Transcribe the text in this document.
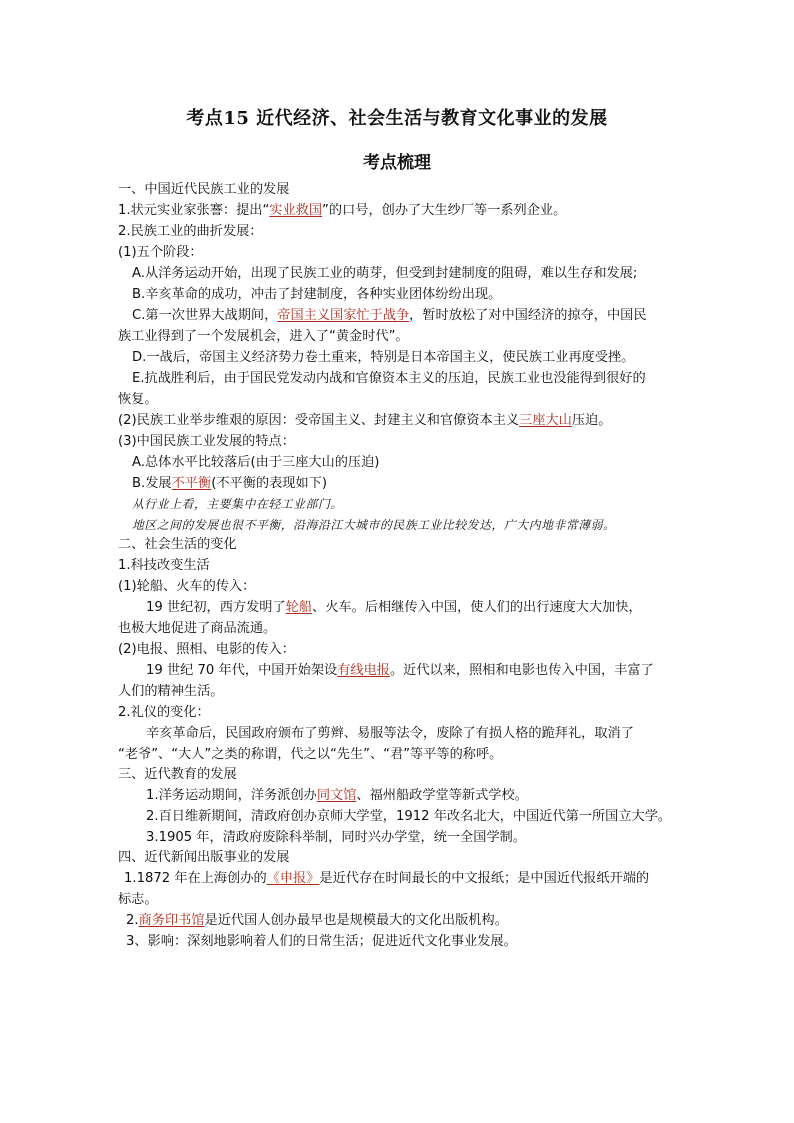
考点15 近代经济、社会生活与教育文化事业的发展
考点梳理
一、中国近代民族工业的发展
1.状元实业家张謇：提出“实业救国”的口号，创办了大生纱厂等一系列企业。
2.民族工业的曲折发展：
(1)五个阶段：
A.从洋务运动开始，出现了民族工业的萌芽，但受到封建制度的阻碍，难以生存和发展;
B.辛亥革命的成功，冲击了封建制度，各种实业团体纷纷出现。
C.第一次世界大战期间，帝国主义国家忙于战争，暂时放松了对中国经济的掠夺，中国民
族工业得到了一个发展机会，进入了“黄金时代”。
D.一战后，帝国主义经济势力卷土重来，特别是日本帝国主义，使民族工业再度受挫。
E.抗战胜利后，由于国民党发动内战和官僚资本主义的压迫，民族工业也没能得到很好的
恢复。
(2)民族工业举步维艰的原因：受帝国主义、封建主义和官僚资本主义三座大山压迫。
(3)中国民族工业发展的特点：
A.总体水平比较落后(由于三座大山的压迫)
B.发展不平衡(不平衡的表现如下)
从行业上看，主要集中在轻工业部门。
地区之间的发展也很不平衡，沿海沿江大城市的民族工业比较发达，广大内地非常薄弱。
二、社会生活的变化
1.科技改变生活
(1)轮船、火车的传入：
19 世纪初，西方发明了轮船、火车。后相继传入中国，使人们的出行速度大大加快，
也极大地促进了商品流通。
(2)电报、照相、电影的传入：
19 世纪 70 年代，中国开始架设有线电报。近代以来，照相和电影也传入中国，丰富了
人们的精神生活。
2.礼仪的变化：
辛亥革命后，民国政府颁布了剪辫、易服等法令，废除了有损人格的跪拜礼，取消了
“老爷”、“大人”之类的称谓，代之以“先生”、“君”等平等的称呼。
三、近代教育的发展
1.洋务运动期间，洋务派创办同文馆、福州船政学堂等新式学校。
2.百日维新期间，清政府创办京师大学堂，1912 年改名北大，中国近代第一所国立大学。
3.1905 年，清政府废除科举制，同时兴办学堂，统一全国学制。
四、近代新闻出版事业的发展
1.1872 年在上海创办的《申报》是近代存在时间最长的中文报纸；是中国近代报纸开端的
标志。
2.商务印书馆是近代国人创办最早也是规模最大的文化出版机构。
3、影响：深刻地影响着人们的日常生活；促进近代文化事业发展。
